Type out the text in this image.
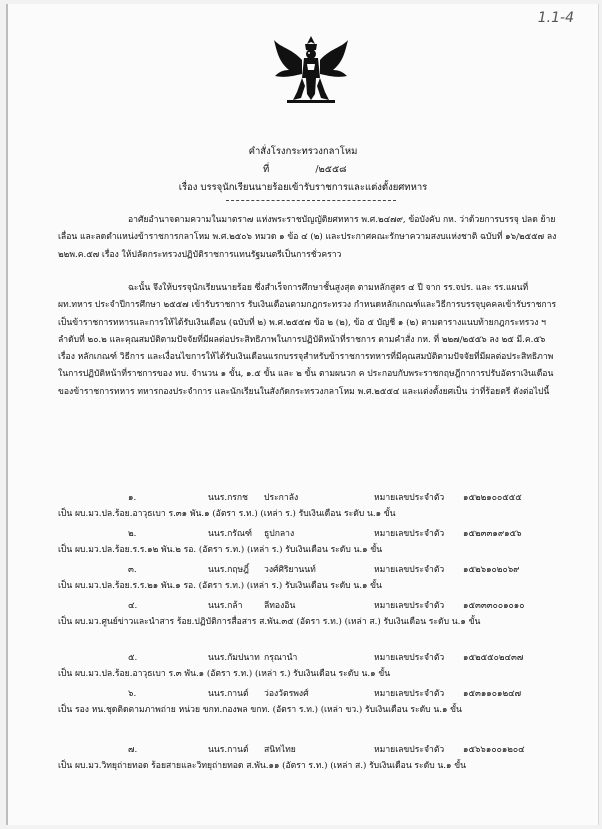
1.1-4
คำสั่งโรงกระทรวงกลาโหม
ที่	/๒๕๕๘
เรื่อง บรรจุนักเรียนนายร้อยเข้ารับราชการและแต่งตั้งยศทหาร

อาศัยอำนาจตามความในมาตรา๗ แห่งพระราชบัญญัติยศทหาร พ.ศ.๒๔๗๙, ข้อบังคับ กห. ว่าด้วยการบรรจุ ปลด ย้าย เลื่อน และลดตำแหน่งข้าราชการกลาโหม พ.ศ.๒๕๐๖ หมวด ๑ ข้อ ๔ (๒) และประกาศคณะรักษาความสงบแห่งชาติ ฉบับที่ ๑๖/๒๕๕๗ ลง ๒๒พ.ค.๕๗ เรื่อง ให้ปลัดกระทรวงปฏิบัติราชการแทนรัฐมนตรีเป็นการชั่วคราว

ฉะนั้น จึงให้บรรจุนักเรียนนายร้อย ซึ่งสำเร็จการศึกษาชั้นสูงสุด ตามหลักสูตร ๔ ปี จาก รร.จปร. และ รร.แผนที่ ผท.ทหาร ประจำปีการศึกษา ๒๕๕๗ เข้ารับราชการ รับเงินเดือนตามกฎกระทรวง กำหนดหลักเกณฑ์และวิธีการบรรจุบุคคลเข้ารับราชการเป็นข้าราชการทหารและการให้ได้รับเงินเดือน (ฉบับที่ ๒) พ.ศ.๒๕๕๗ ข้อ ๒ (๒), ข้อ ๕ บัญชี ๑ (๒) ตามตารางแนบท้ายกฎกระทรวง ฯ ลำดับที่ ๒๐.๒ และคุณสมบัติตามปัจจัยที่มีผลต่อประสิทธิภาพในการปฏิบัติหน้าที่ราชการ ตามคำสั่ง กห. ที่ ๒๒๗/๒๕๕๖ ลง ๒๕ มี.ค.๕๖ เรื่อง หลักเกณฑ์ วิธีการ และเงื่อนไขการให้ได้รับเงินเดือนแรกบรรจุสำหรับข้าราชการทหารที่มีคุณสมบัติตามปัจจัยที่มีผลต่อประสิทธิภาพในการปฏิบัติหน้าที่ราชการของ ทบ. จำนวน ๑ ขั้น, ๑.๕ ขั้น และ ๒ ขั้น ตามผนวก ค ประกอบกับพระราชกฤษฎีกาการปรับอัตราเงินเดือนของข้าราชการทหาร ทหารกองประจำการ และนักเรียนในสังกัดกระทรวงกลาโหม พ.ศ.๒๕๕๔ และแต่งตั้งยศเป็น ว่าที่ร้อยตรี ดังต่อไปนี้

๑.	นนร.กรกช ประกาลัง	หมายเลขประจำตัว ๑๕๒๒๑๐๐๕๕๕

เป็น ผบ.มว.ปล.ร้อย.อาวุธเบา ร.๓๑ พัน.๑ (อัตรา ร.ท.) (เหล่า ร.) รับเงินเดือน ระดับ น.๑ ขั้น

๒.	นนร.กรัณฑ์ ธูปกลาง	หมายเลขประจำตัว ๑๕๒๓๓๑๙๑๕๖

เป็น ผบ.มว.ปล.ร้อย.ร.ร.๑๒ พัน.๒ รอ. (อัตรา ร.ท.) (เหล่า ร.) รับเงินเดือน ระดับ น.๑ ขั้น

๓.	นนร.กฤษฎิ์ วงศ์ศิริยานนท์	หมายเลขประจำตัว ๑๕๒๖๑๐๒๐๖๙

เป็น ผบ.มว.ปล.ร้อย.ร.ร.๒๑ พัน.๑ รอ. (อัตรา ร.ท.) (เหล่า ร.) รับเงินเดือน ระดับ น.๑ ขั้น

๔.	นนร.กล้า	ลีทองอิน	หมายเลขประจำตัว ๑๕๓๓๓๐๐๑๐๑๐

เป็น ผบ.มว.ศูนย์ข่าวและนำสาร ร้อย.ปฏิบัติการสื่อสาร ส.พัน.๓๕ (อัตรา ร.ท.) (เหล่า ส.) รับเงินเดือน ระดับ น.๑ ขั้น

๕.	นนร.กัมปนาท กรุณานำ	หมายเลขประจำตัว ๑๕๒๕๕๐๒๔๓๗

เป็น ผบ.มว.ปล.ร้อย.อาวุธเบา ร.๓ พัน.๑ (อัตรา ร.ท.) (เหล่า ร.) รับเงินเดือน ระดับ น.๑ ขั้น

๖.	นนร.กานต์ ว่องวัตรพงศ์	หมายเลขประจำตัว ๑๕๓๑๑๐๑๒๔๗

เป็น รอง หน.ชุดติดตามภาพถ่าย หน่วย ขกท.กองพล ขกท. (อัตรา ร.ท.) (เหล่า ขว.) รับเงินเดือน ระดับ น.๑ ขั้น

๗.	นนร.กานต์ สนิทไทย	หมายเลขประจำตัว ๑๕๖๖๑๐๐๑๒๐๔

เป็น ผบ.มว.วิทยุถ่ายทอด ร้อยสายและวิทยุถ่ายทอด ส.พัน.๑๑ (อัตรา ร.ท.) (เหล่า ส.) รับเงินเดือน ระดับ น.๑ ขั้น
